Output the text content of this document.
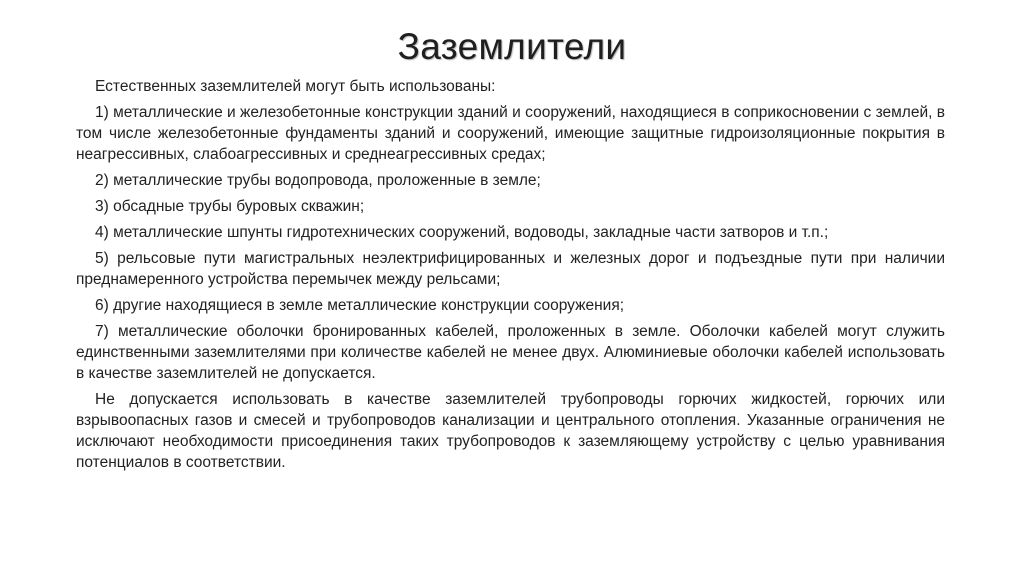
Заземлители

Естественных заземлителей могут быть использованы:

1) металлические и железобетонные конструкции зданий и сооружений, находящиеся в соприкосновении с землей, в том числе железобетонные фундаменты зданий и сооружений, имеющие защитные гидроизоляционные покрытия в неагрессивных, слабоагрессивных и среднеагрессивных средах;

2) металлические трубы водопровода, проложенные в земле;

3) обсадные трубы буровых скважин;

4) металлические шпунты гидротехнических сооружений, водоводы, закладные части затворов и т.п.;

5) рельсовые пути магистральных неэлектрифицированных и железных дорог и подъездные пути при наличии преднамеренного устройства перемычек между рельсами;

6) другие находящиеся в земле металлические конструкции сооружения;

7) металлические оболочки бронированных кабелей, проложенных в земле. Оболочки кабелей могут служить единственными заземлителями при количестве кабелей не менее двух. Алюминиевые оболочки кабелей использовать в качестве заземлителей не допускается.

Не допускается использовать в качестве заземлителей трубопроводы горючих жидкостей, горючих или взрывоопасных газов и смесей и трубопроводов канализации и центрального отопления. Указанные ограничения не исключают необходимости присоединения таких трубопроводов к заземляющему устройству с целью уравнивания потенциалов в соответствии.
